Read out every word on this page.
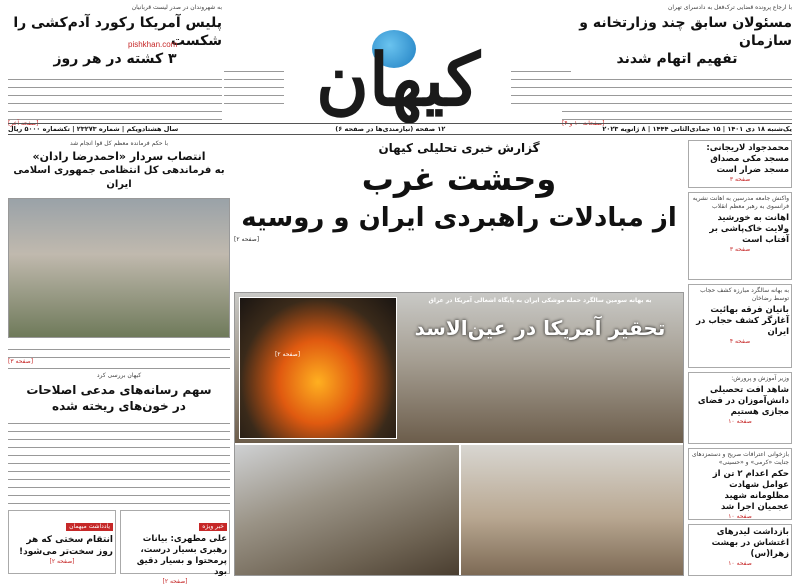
با ارجاع پرونده قضایی ترک‌فعل به دادسرای تهران
مسئولان سابق چند وزارتخانه و سازمان
تفهیم اتهام شدند
[صفحات ۱۰ و ۴]
کیهان
به شهروندان در صدر لیست قربانیان
پلیس آمریکا رکورد آدم‌کشی را شکست
۳ کشته در هر روز
[صفحه آخر]
pishkhan.com
یک‌شنبه ۱۸ دی ۱۴۰۱ | ۱۵ جمادی‌الثانی ۱۴۴۴ | ۸ ژانویه ۲۰۲۳
۱۲ صفحه (نیازمندی‌ها در صفحه ۶)
سال هشتادویکم | شماره ۲۳۲۷۳ | تکشماره ۵۰۰۰ ریال
محمدجواد لاریجانی: مسجد مکی مصداق مسجد ضرار است
صفحه ۳
واکنش جامعه مدرسین به اهانت نشریه فرانسوی به رهبر معظم انقلاب
اهانت به خورشید ولایت خاک‌پاشی بر آفتاب است
صفحه ۳
به بهانه سالگرد مبارزه کشف حجاب توسط رضاخان
بانیان فرقه بهائیت آغازگر کشف حجاب در ایران
صفحه ۴
وزیر آموزش و پرورش:
شاهد افت تحصیلی دانش‌آموزان در فضای مجازی هستیم
صفحه ۱۰
بازخوانی اعترافات صریح و دستمزدهای جنایت «کرمی» و «حسینی»
حکم اعدام ۲ تن از عوامل شهادت مظلومانه شهید عجمیان اجرا شد
صفحه ۱۰
بازداشت لیدرهای اغتشاش در بهشت زهرا(س)
صفحه ۱۰
گزارش خبری تحلیلی کیهان
وحشت غرب
از مبادلات راهبردی ایران و روسیه
[صفحه ۲]
به بهانه سومین سالگرد حمله موشکی ایران به پایگاه اشغالی آمریکا در عراق
تحقیر آمریکا در عین‌الاسد
[صفحه ۲]
با حکم فرمانده معظم کل قوا انجام شد
انتصاب سردار «احمدرضا رادان»
به فرماندهی کل انتظامی جمهوری اسلامی ایران
[صفحه ۳]
کیهان بررسی کرد
سهم رسانه‌های مدعی اصلاحات
در خون‌های ریخته شده
یادداشت میهمان
انتقام سختی که هر روز سخت‌تر می‌شود!
[صفحه ۲]
خبر ویژه
علی مطهری: بیانات رهبری بسیار درست، پرمحتوا و بسیار دقیق بود
[صفحه ۲]
